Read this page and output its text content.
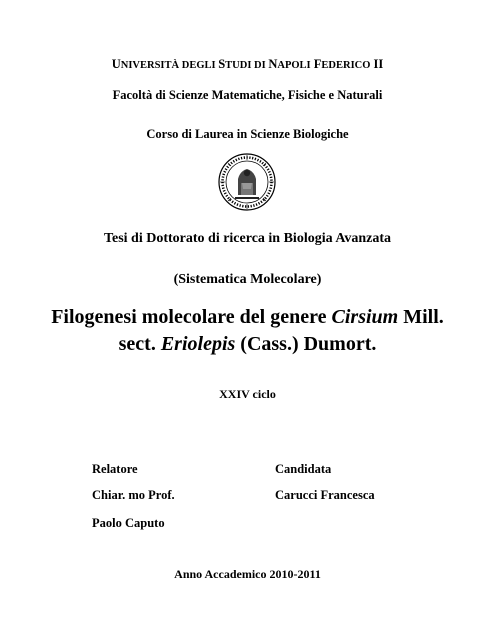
UNIVERSITÀ DEGLI STUDI DI NAPOLI FEDERICO II
Facoltà di Scienze Matematiche, Fisiche e Naturali
Corso di Laurea in Scienze Biologiche
Tesi di Dottorato di ricerca in Biologia Avanzata
(Sistematica Molecolare)
Filogenesi molecolare del genere Cirsium Mill.
sect. Eriolepis (Cass.) Dumort.
XXIV ciclo
Relatore	Candidata
Chiar. mo Prof.	Carucci Francesca
Paolo Caputo
Anno Accademico 2010-2011
